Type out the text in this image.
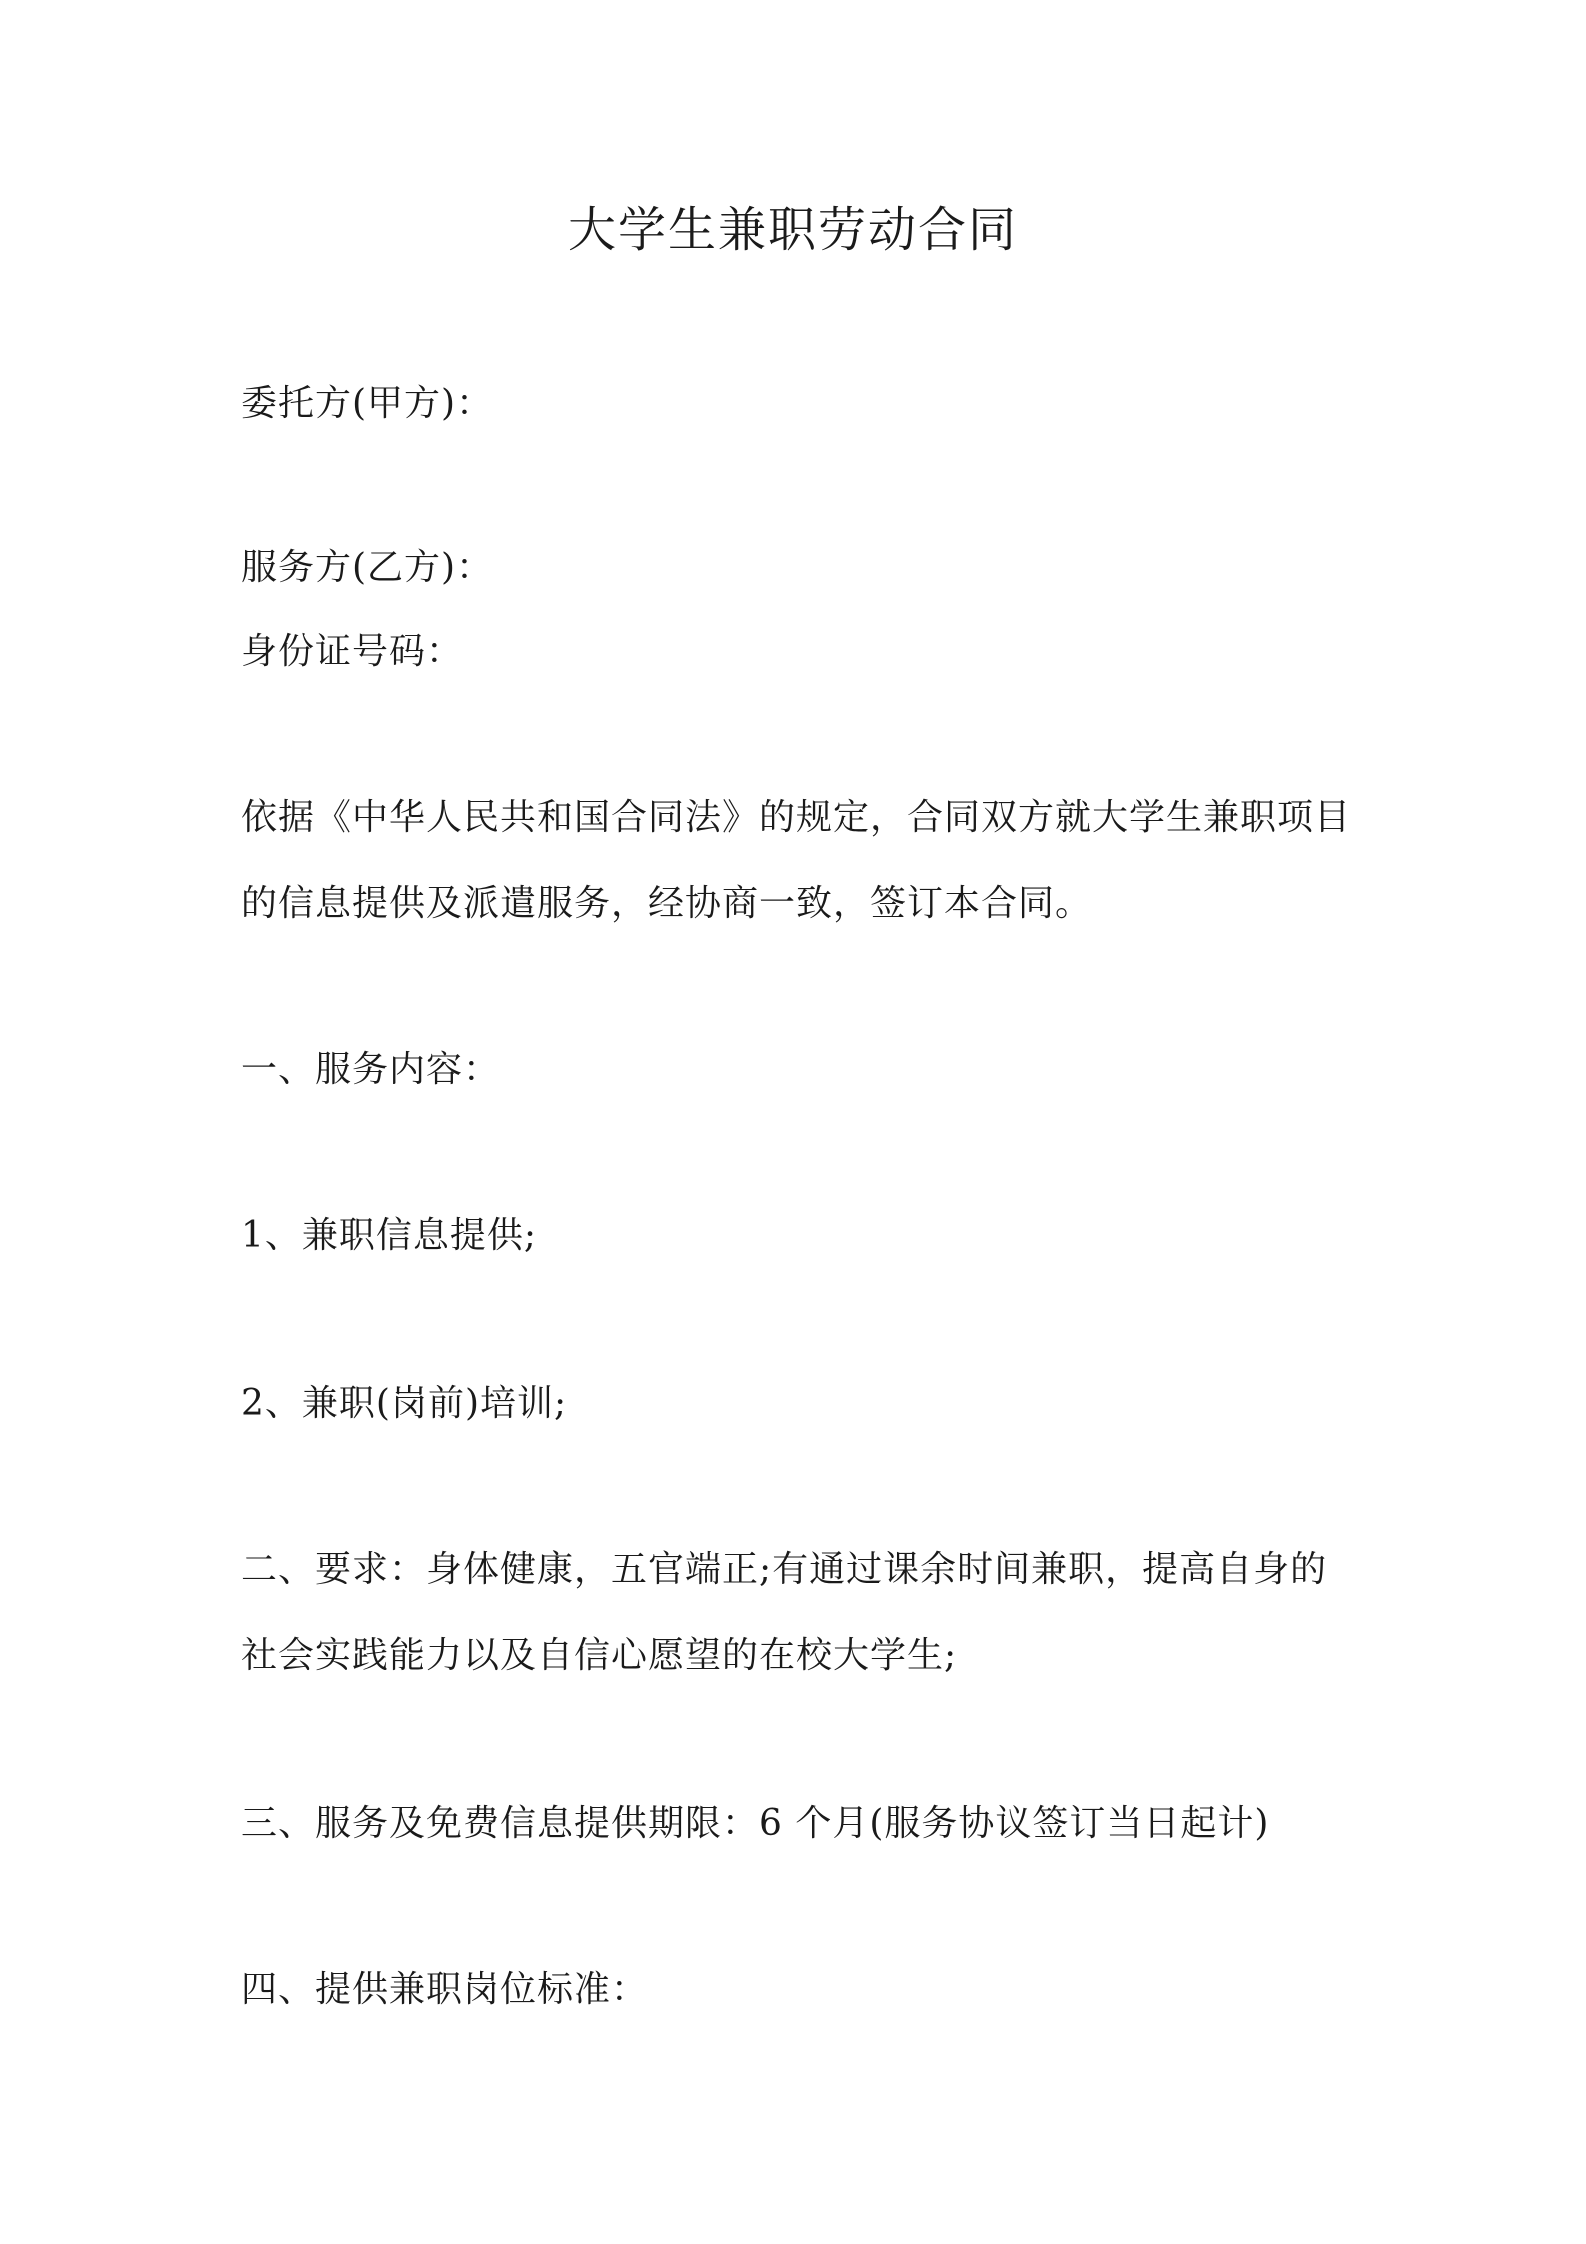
大学生兼职劳动合同
委托方(甲方)：
服务方(乙方)：
身份证号码：
依据《中华人民共和国合同法》的规定，合同双方就大学生兼职项目
的信息提供及派遣服务，经协商一致，签订本合同。
一、服务内容：
1、兼职信息提供;
2、兼职(岗前)培训;
二、要求：身体健康，五官端正;有通过课余时间兼职，提高自身的
社会实践能力以及自信心愿望的在校大学生;
三、服务及免费信息提供期限：6 个月(服务协议签订当日起计)
四、提供兼职岗位标准：
